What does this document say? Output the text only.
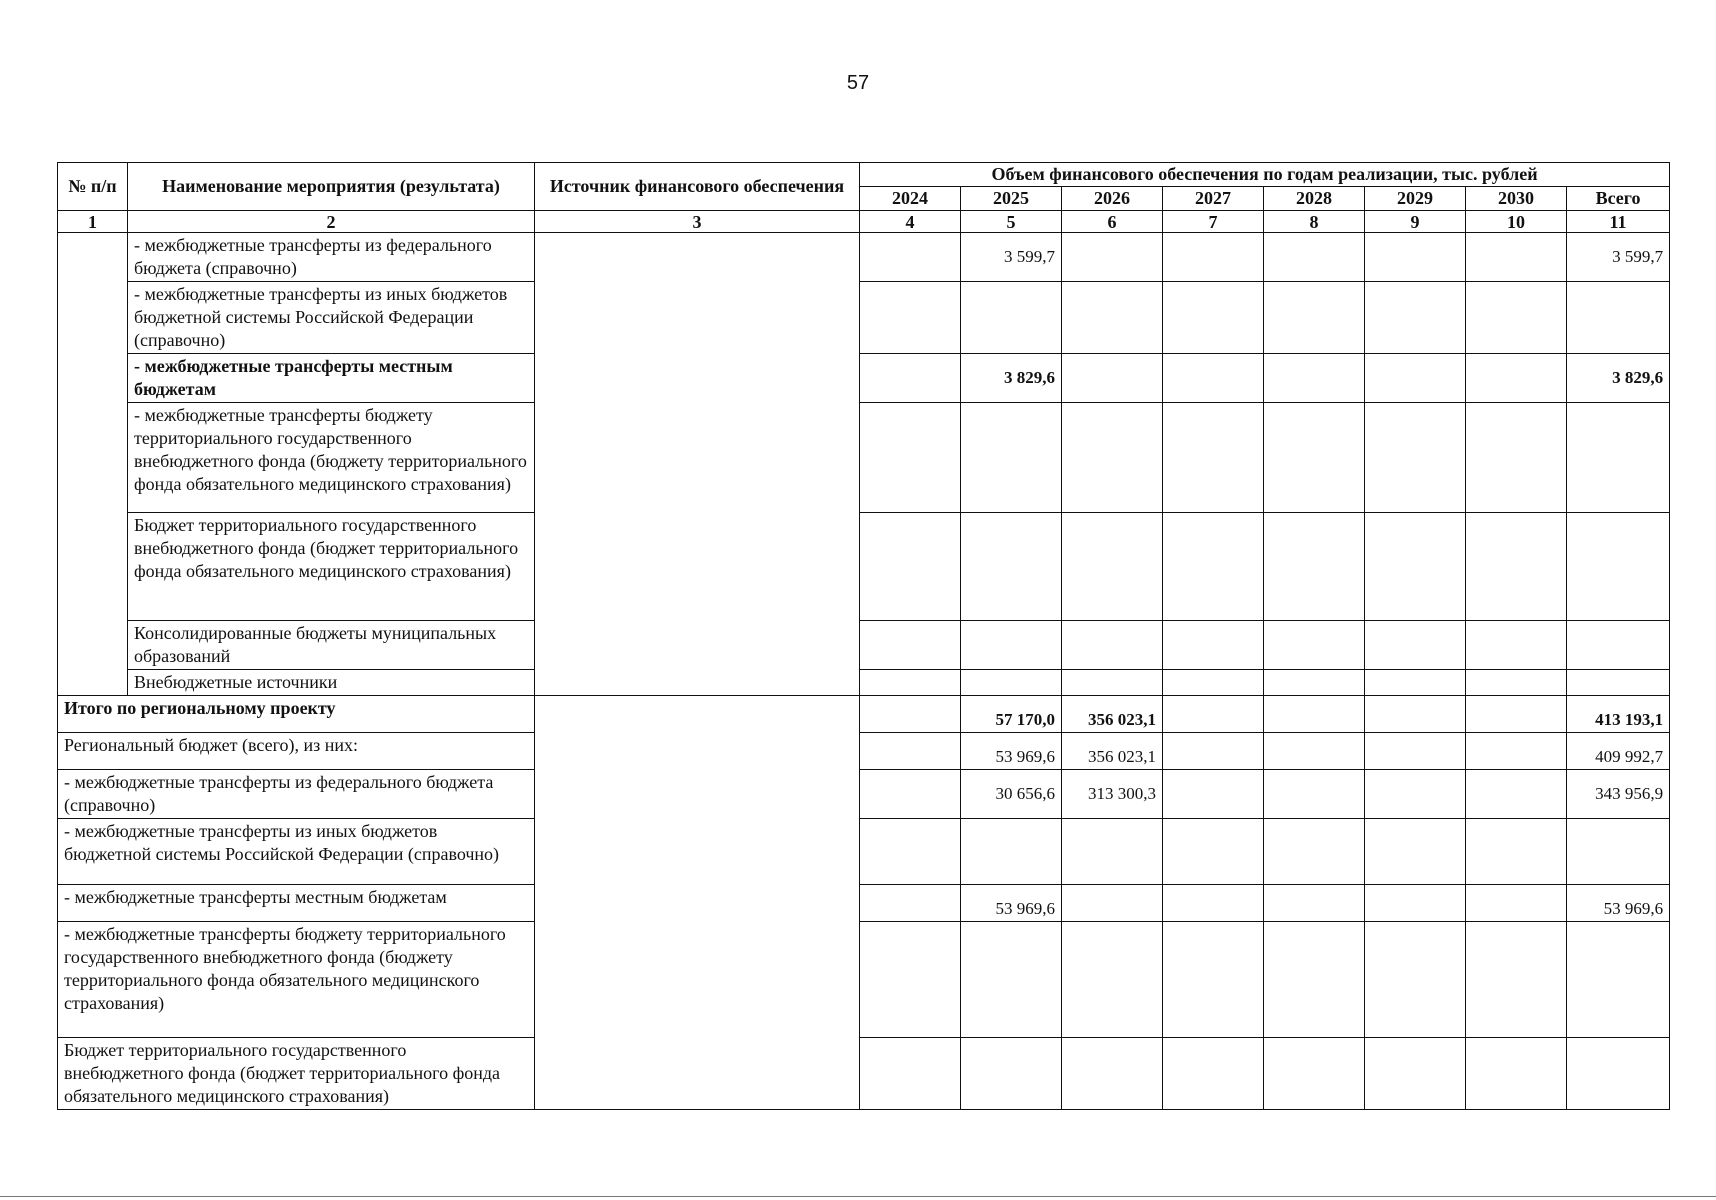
57
№ п/п	Наименование мероприятия (результата)	Источник финансового обеспечения	Объем финансового обеспечения по годам реализации, тыс. рублей							
			2024	2025	2026	2027	2028	2029	2030	Всего
1	2	3	4	5	6	7	8	9	10	11
	- межбюджетные трансферты из федерального бюджета (справочно)			3 599,7						3 599,7
	- межбюджетные трансферты из иных бюджетов бюджетной системы Российской Федерации (справочно)									
	- межбюджетные трансферты местным бюджетам			3 829,6						3 829,6
	- межбюджетные трансферты бюджету территориального государственного внебюджетного фонда (бюджету территориального фонда обязательного медицинского страхования)									
	Бюджет территориального государственного внебюджетного фонда (бюджет территориального фонда обязательного медицинского страхования)									
	Консолидированные бюджеты муниципальных образований									
	Внебюджетные источники									
Итого по региональному проекту				57 170,0	356 023,1					413 193,1
Региональный бюджет (всего), из них:				53 969,6	356 023,1					409 992,7
- межбюджетные трансферты из федерального бюджета (справочно)				30 656,6	313 300,3					343 956,9
- межбюджетные трансферты из иных бюджетов бюджетной системы Российской Федерации (справочно)										
- межбюджетные трансферты местным бюджетам				53 969,6						53 969,6
- межбюджетные трансферты бюджету территориального государственного внебюджетного фонда (бюджету территориального фонда обязательного медицинского страхования)										
Бюджет территориального государственного внебюджетного фонда (бюджет территориального фонда обязательного медицинского страхования)										
